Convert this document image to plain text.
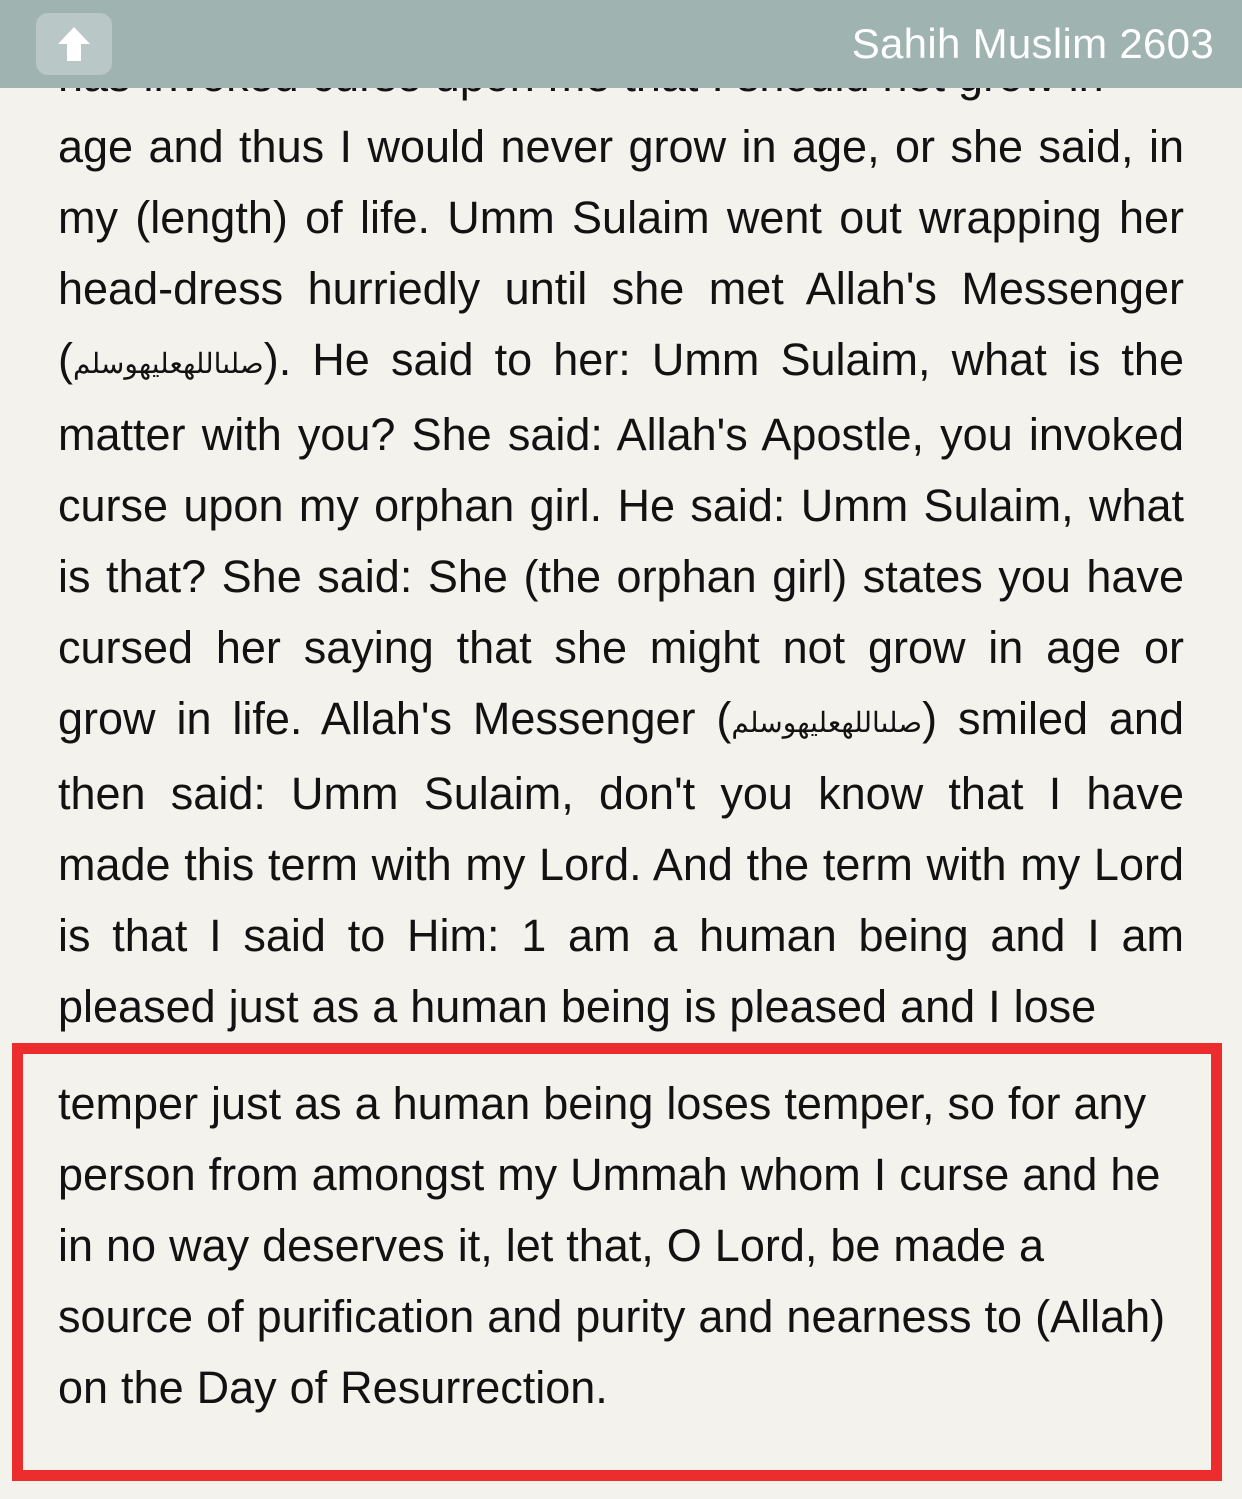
Sahih Muslim 2603

age and thus I would never grow in age, or she said, in my (length) of life. Umm Sulaim went out wrapping her head-dress hurriedly until she met Allah's Messenger (صلىاللهعليهوسلم). He said to her: Umm Sulaim, what is the matter with you? She said: Allah's Apostle, you invoked curse upon my orphan girl. He said: Umm Sulaim, what is that? She said: She (the orphan girl) states you have cursed her saying that she might not grow in age or grow in life. Allah's Messenger (صلىاللهعليهوسلم) smiled and then said: Umm Sulaim, don't you know that I have made this term with my Lord. And the term with my Lord is that I said to Him: 1 am a human being and I am pleased just as a human being is pleased and I lose

temper just as a human being loses temper, so for any person from amongst my Ummah whom I curse and he in no way deserves it, let that, O Lord, be made a source of purification and purity and nearness to (Allah) on the Day of Resurrection.
